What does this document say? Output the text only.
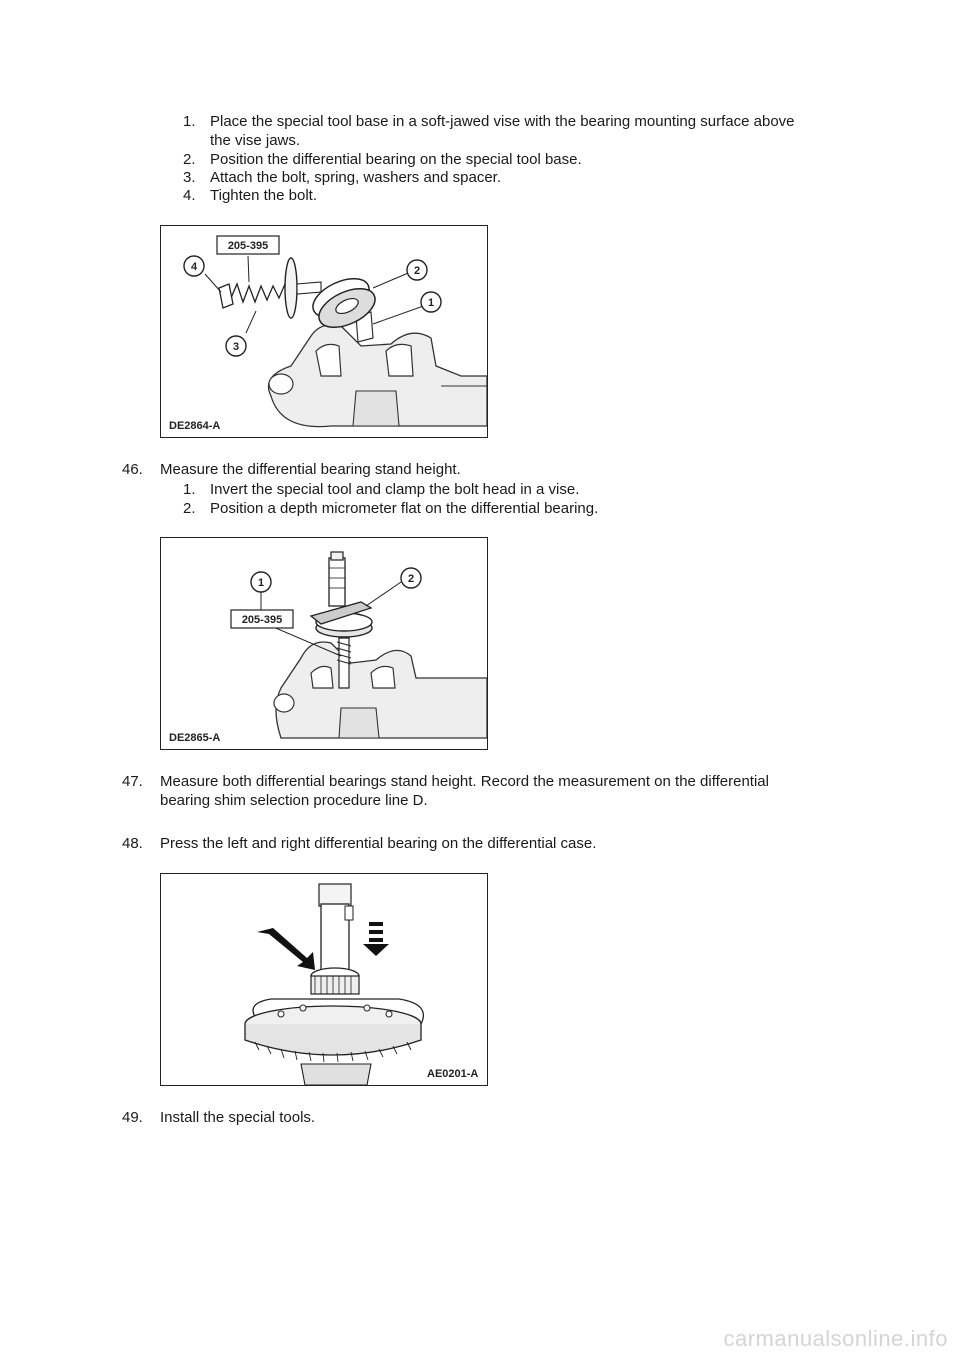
1. Place the special tool base in a soft-jawed vise with the bearing mounting surface above
the vise jaws.
2. Position the differential bearing on the special tool base.
3. Attach the bolt, spring, washers and spacer.
4. Tighten the bolt.
1
2
3
4
205-395
DE2864-A
46. Measure the differential bearing stand height.
1. Invert the special tool and clamp the bolt head in a vise.
2. Position a depth micrometer flat on the differential bearing.
1	2
205-395
DE2865-A
47. Measure both differential bearings stand height. Record the measurement on the differential
bearing shim selection procedure line D.
48. Press the left and right differential bearing on the differential case.
AE0201-A
49. Install the special tools.
carmanualsonline.info
